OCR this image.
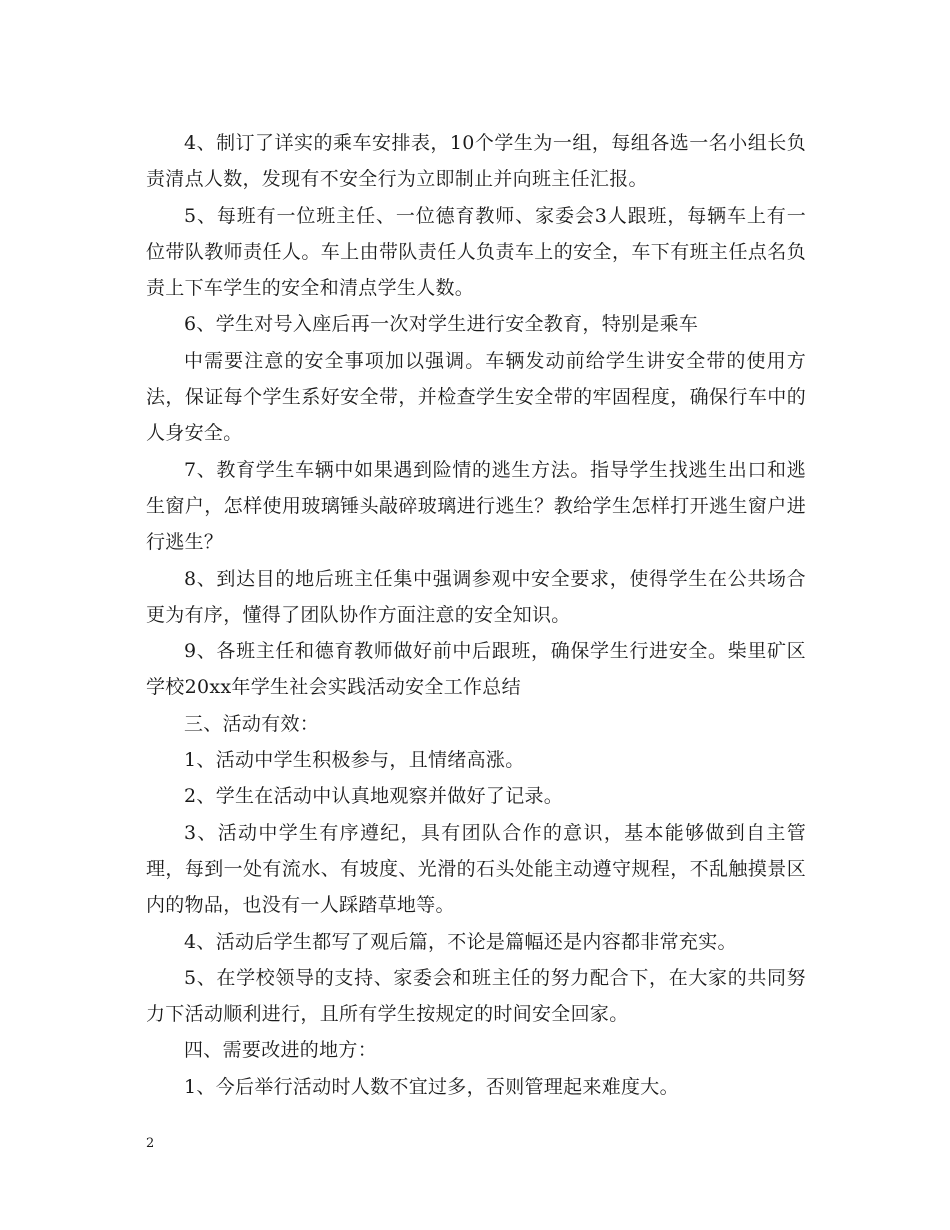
4、制订了详实的乘车安排表，10个学生为一组，每组各选一名小组长负责清点人数，发现有不安全行为立即制止并向班主任汇报。

5、每班有一位班主任、一位德育教师、家委会3人跟班，每辆车上有一位带队教师责任人。车上由带队责任人负责车上的安全，车下有班主任点名负责上下车学生的安全和清点学生人数。

6、学生对号入座后再一次对学生进行安全教育，特别是乘车

中需要注意的安全事项加以强调。车辆发动前给学生讲安全带的使用方法，保证每个学生系好安全带，并检查学生安全带的牢固程度，确保行车中的人身安全。

7、教育学生车辆中如果遇到险情的逃生方法。指导学生找逃生出口和逃生窗户，怎样使用玻璃锤头敲碎玻璃进行逃生？教给学生怎样打开逃生窗户进行逃生？

8、到达目的地后班主任集中强调参观中安全要求，使得学生在公共场合更为有序，懂得了团队协作方面注意的安全知识。

9、各班主任和德育教师做好前中后跟班，确保学生行进安全。柴里矿区学校20xx年学生社会实践活动安全工作总结

三、活动有效：

1、活动中学生积极参与，且情绪高涨。

2、学生在活动中认真地观察并做好了记录。

3、活动中学生有序遵纪，具有团队合作的意识，基本能够做到自主管理，每到一处有流水、有坡度、光滑的石头处能主动遵守规程，不乱触摸景区内的物品，也没有一人踩踏草地等。

4、活动后学生都写了观后篇，不论是篇幅还是内容都非常充实。

5、在学校领导的支持、家委会和班主任的努力配合下，在大家的共同努力下活动顺利进行，且所有学生按规定的时间安全回家。

四、需要改进的地方：

1、今后举行活动时人数不宜过多，否则管理起来难度大。

2
